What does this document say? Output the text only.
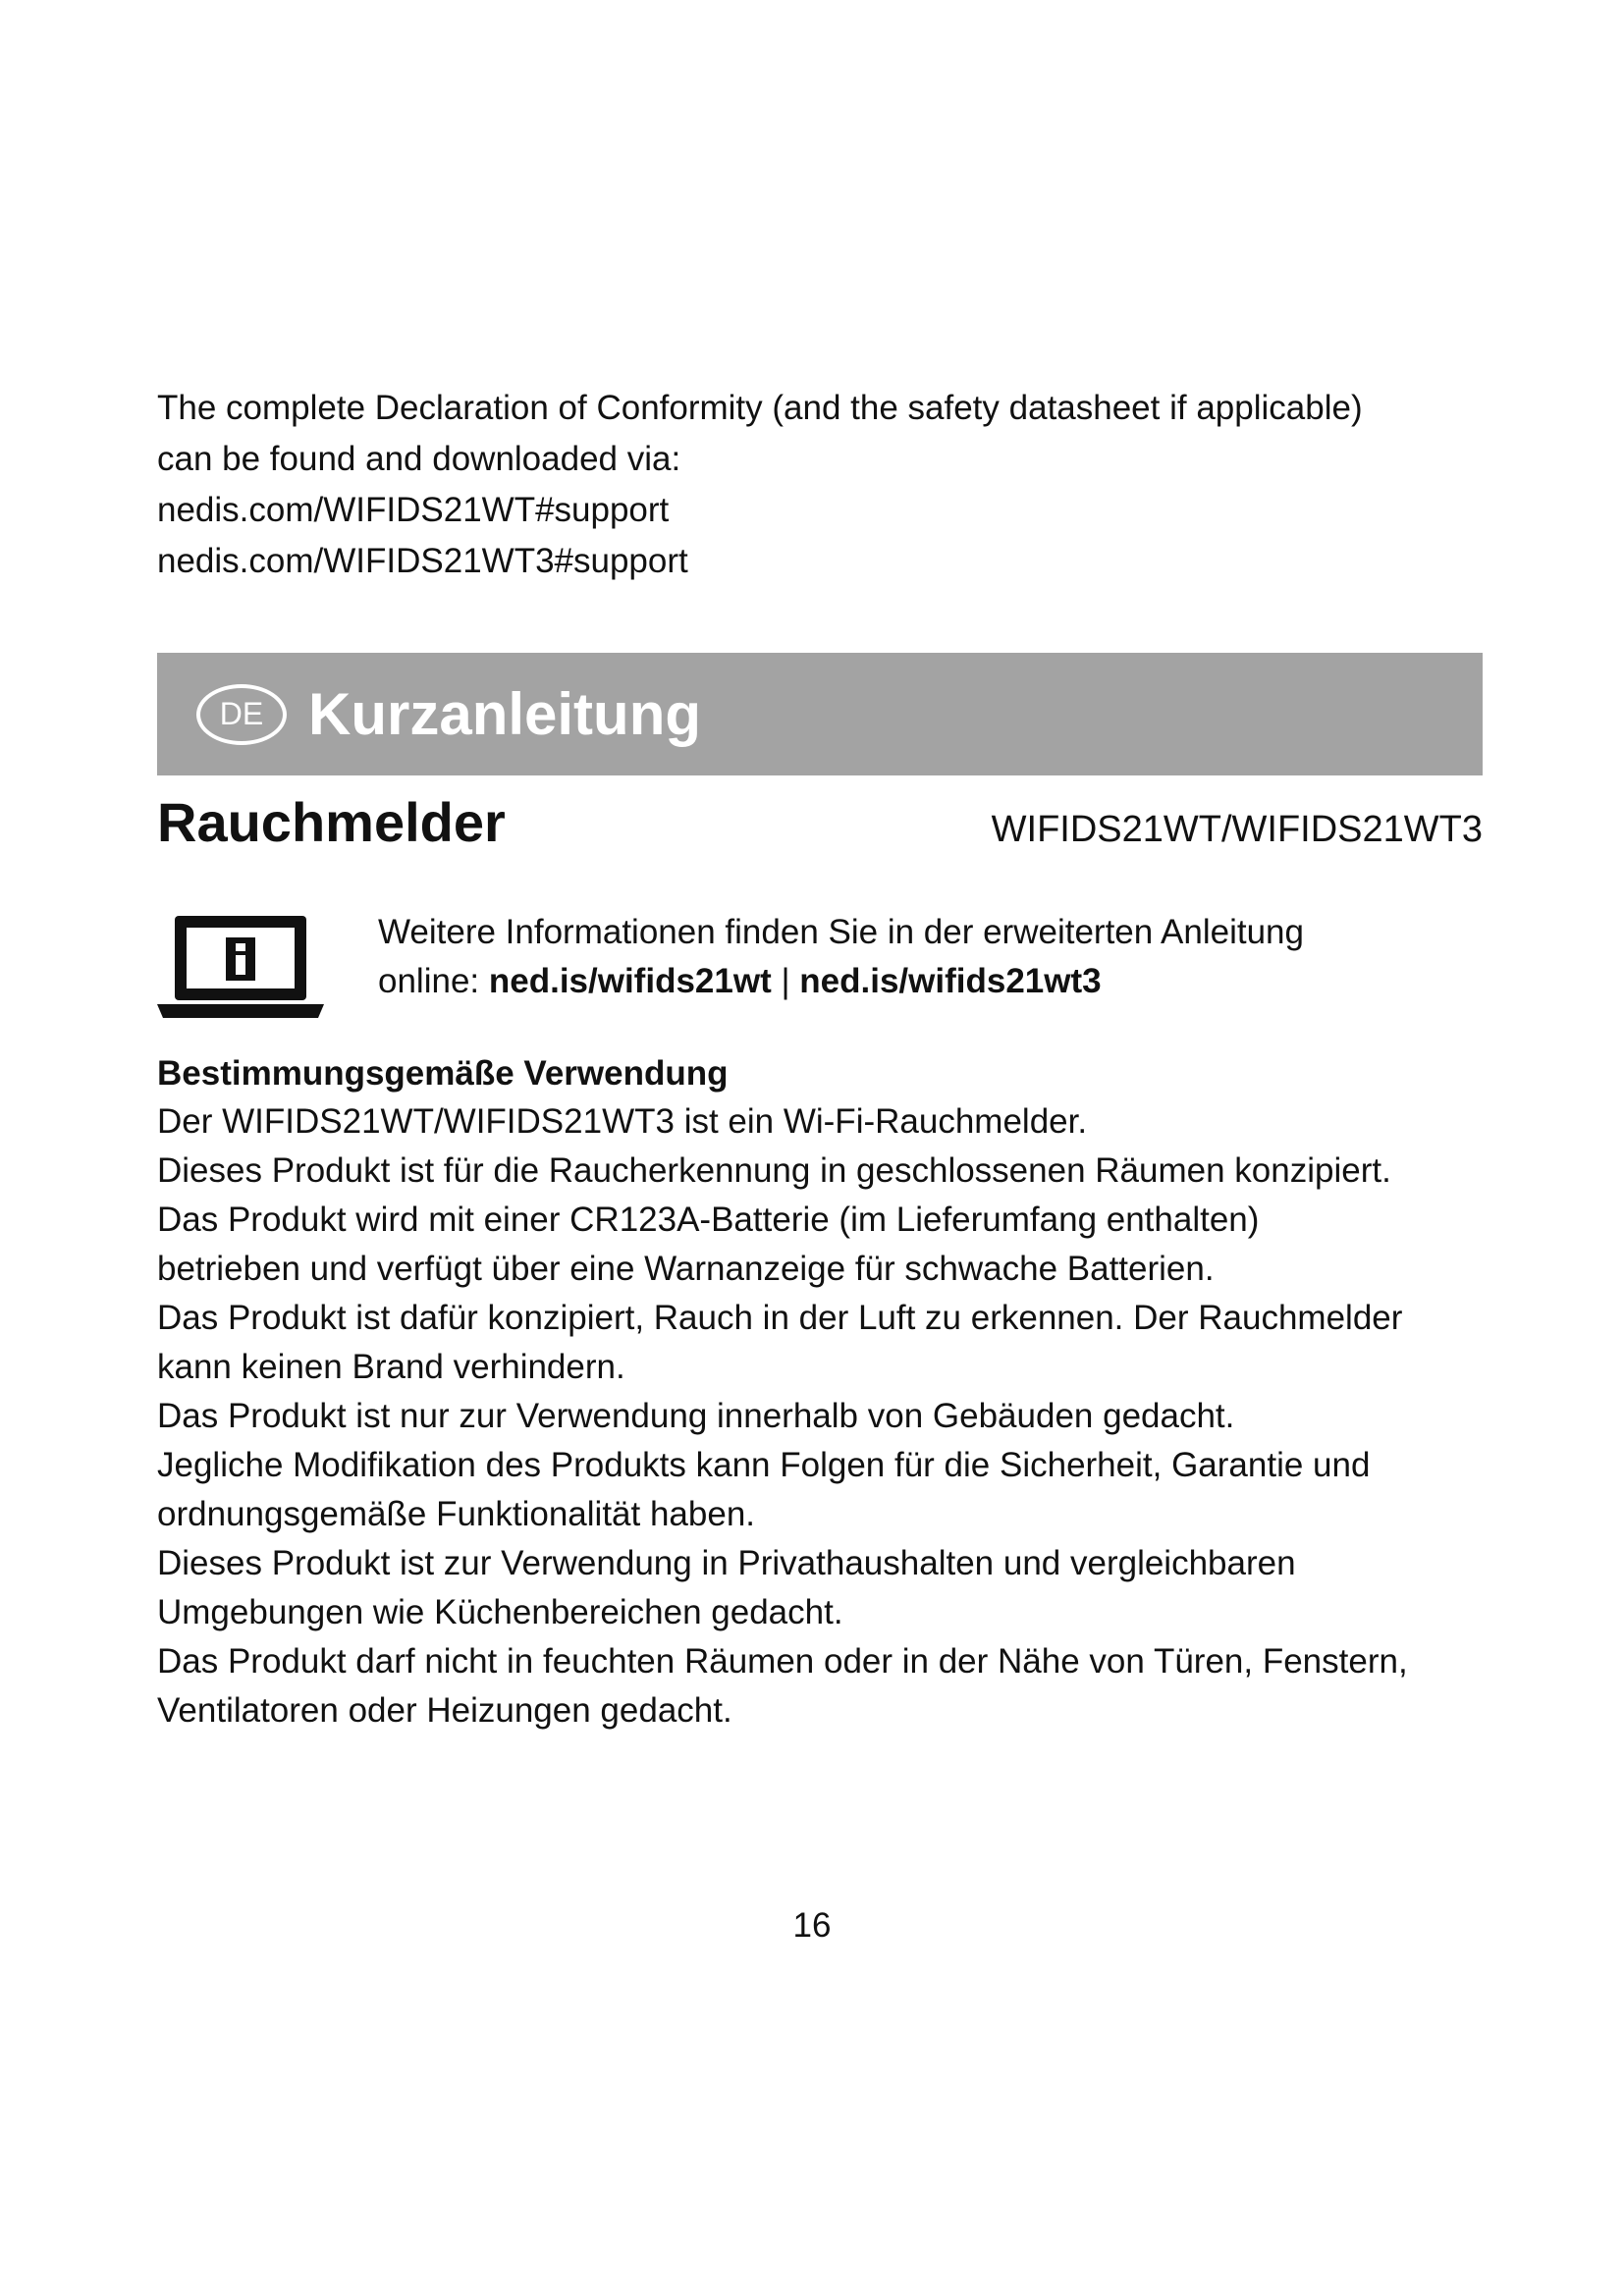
The complete Declaration of Conformity (and the safety datasheet if applicable)

can be found and downloaded via:

nedis.com/WIFIDS21WT#support

nedis.com/WIFIDS21WT3#support

DE Kurzanleitung
Rauchmelder	WIFIDS21WT/WIFIDS21WT3
Weitere Informationen finden Sie in der erweiterten Anleitung
online: ned.is/wifids21wt | ned.is/wifids21wt3
Bestimmungsgemäße Verwendung

Der WIFIDS21WT/WIFIDS21WT3 ist ein Wi-Fi-Rauchmelder.

Dieses Produkt ist für die Raucherkennung in geschlossenen Räumen konzipiert.

Das Produkt wird mit einer CR123A-Batterie (im Lieferumfang enthalten)

betrieben und verfügt über eine Warnanzeige für schwache Batterien.

Das Produkt ist dafür konzipiert, Rauch in der Luft zu erkennen. Der Rauchmelder

kann keinen Brand verhindern.

Das Produkt ist nur zur Verwendung innerhalb von Gebäuden gedacht.

Jegliche Modifikation des Produkts kann Folgen für die Sicherheit, Garantie und

ordnungsgemäße Funktionalität haben.

Dieses Produkt ist zur Verwendung in Privathaushalten und vergleichbaren

Umgebungen wie Küchenbereichen gedacht.

Das Produkt darf nicht in feuchten Räumen oder in der Nähe von Türen, Fenstern,

Ventilatoren oder Heizungen gedacht.

16
